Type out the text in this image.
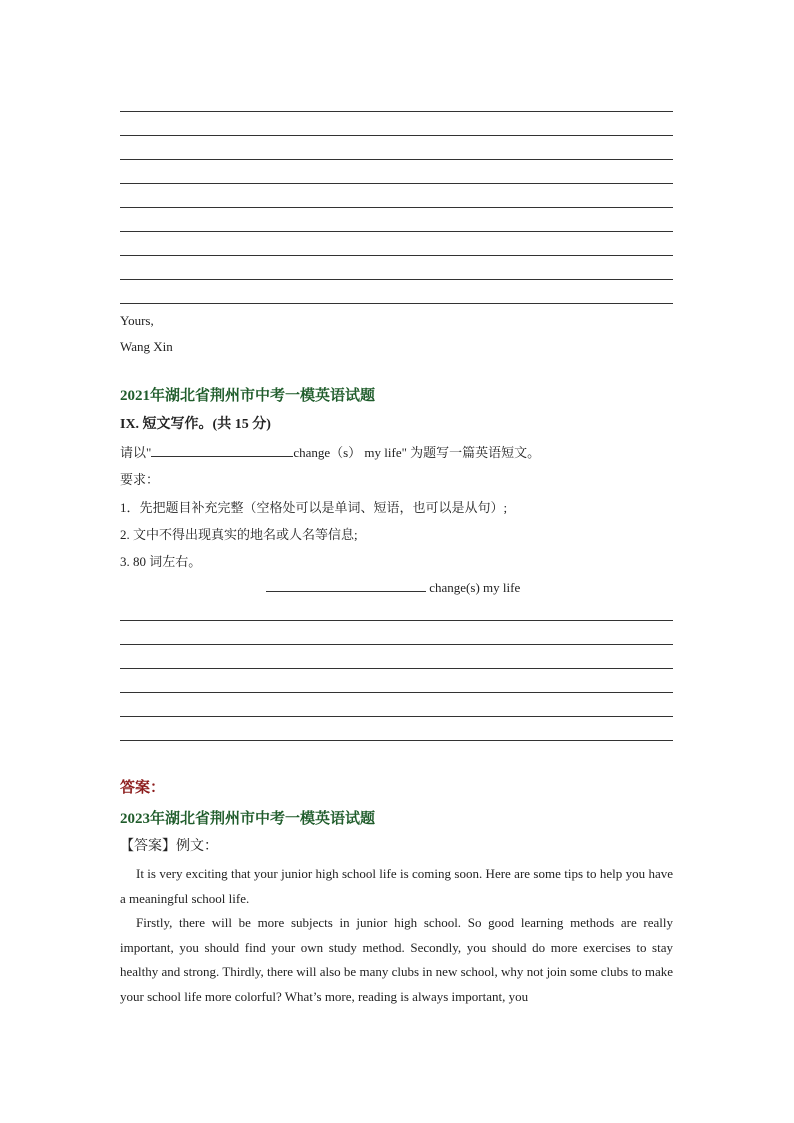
Yours,
Wang Xin
2021年湖北省荆州市中考一模英语试题
IX. 短文写作。(共 15 分)
请以"	change（s） my life" 为题写一篇英语短文。
要求：
1．先把题目补充完整（空格处可以是单词、短语，也可以是从句）;
2. 文中不得出现真实的地名或人名等信息;
3. 80 词左右。
change(s) my life
答案：
2023年湖北省荆州市中考一模英语试题
【答案】例文：

It is very exciting that your junior high school life is coming soon. Here are some tips to help you have a meaningful school life.

Firstly, there will be more subjects in junior high school. So good learning methods are really important, you should find your own study method. Secondly, you should do more exercises to stay healthy and strong. Thirdly, there will also be many clubs in new school, why not join some clubs to make your school life more colorful? What’s more, reading is always important, you
